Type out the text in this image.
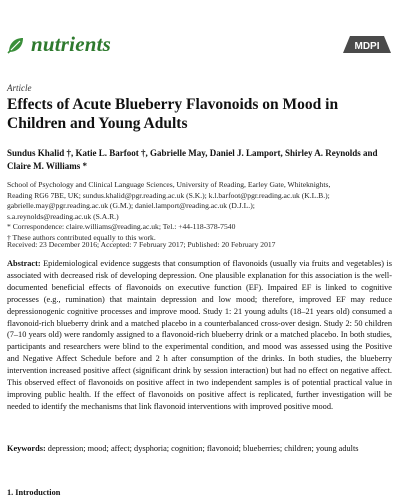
nutrients	MDPI
Article
Effects of Acute Blueberry Flavonoids on Mood in Children and Young Adults
Sundus Khalid †, Katie L. Barfoot †, Gabrielle May, Daniel J. Lamport, Shirley A. Reynolds and Claire M. Williams *
School of Psychology and Clinical Language Sciences, University of Reading, Earley Gate, Whiteknights,
Reading RG6 7BE, UK; sundus.khalid@pgr.reading.ac.uk (S.K.); k.l.barfoot@pgr.reading.ac.uk (K.L.B.);
gabrielle.may@pgr.reading.ac.uk (G.M.); daniel.lamport@reading.ac.uk (D.J.L.);
s.a.reynolds@reading.ac.uk (S.A.R.)
* Correspondence: claire.williams@reading.ac.uk; Tel.: +44-118-378-7540
† These authors contributed equally to this work.
Received: 23 December 2016; Accepted: 7 February 2017; Published: 20 February 2017
Abstract: Epidemiological evidence suggests that consumption of flavonoids (usually via fruits and vegetables) is associated with decreased risk of developing depression. One plausible explanation for this association is the well-documented beneficial effects of flavonoids on executive function (EF). Impaired EF is linked to cognitive processes (e.g., rumination) that maintain depression and low mood; therefore, improved EF may reduce depressionogenic cognitive processes and improve mood. Study 1: 21 young adults (18–21 years old) consumed a flavonoid-rich blueberry drink and a matched placebo in a counterbalanced cross-over design. Study 2: 50 children (7–10 years old) were randomly assigned to a flavonoid-rich blueberry drink or a matched placebo. In both studies, participants and researchers were blind to the experimental condition, and mood was assessed using the Positive and Negative Affect Schedule before and 2 h after consumption of the drinks. In both studies, the blueberry intervention increased positive affect (significant drink by session interaction) but had no effect on negative affect. This observed effect of flavonoids on positive affect in two independent samples is of potential practical value in improving public health. If the effect of flavonoids on positive affect is replicated, further investigation will be needed to identify the mechanisms that link flavonoid interventions with improved positive mood.
Keywords: depression; mood; affect; dysphoria; cognition; flavonoid; blueberries; children; young adults
1. Introduction
